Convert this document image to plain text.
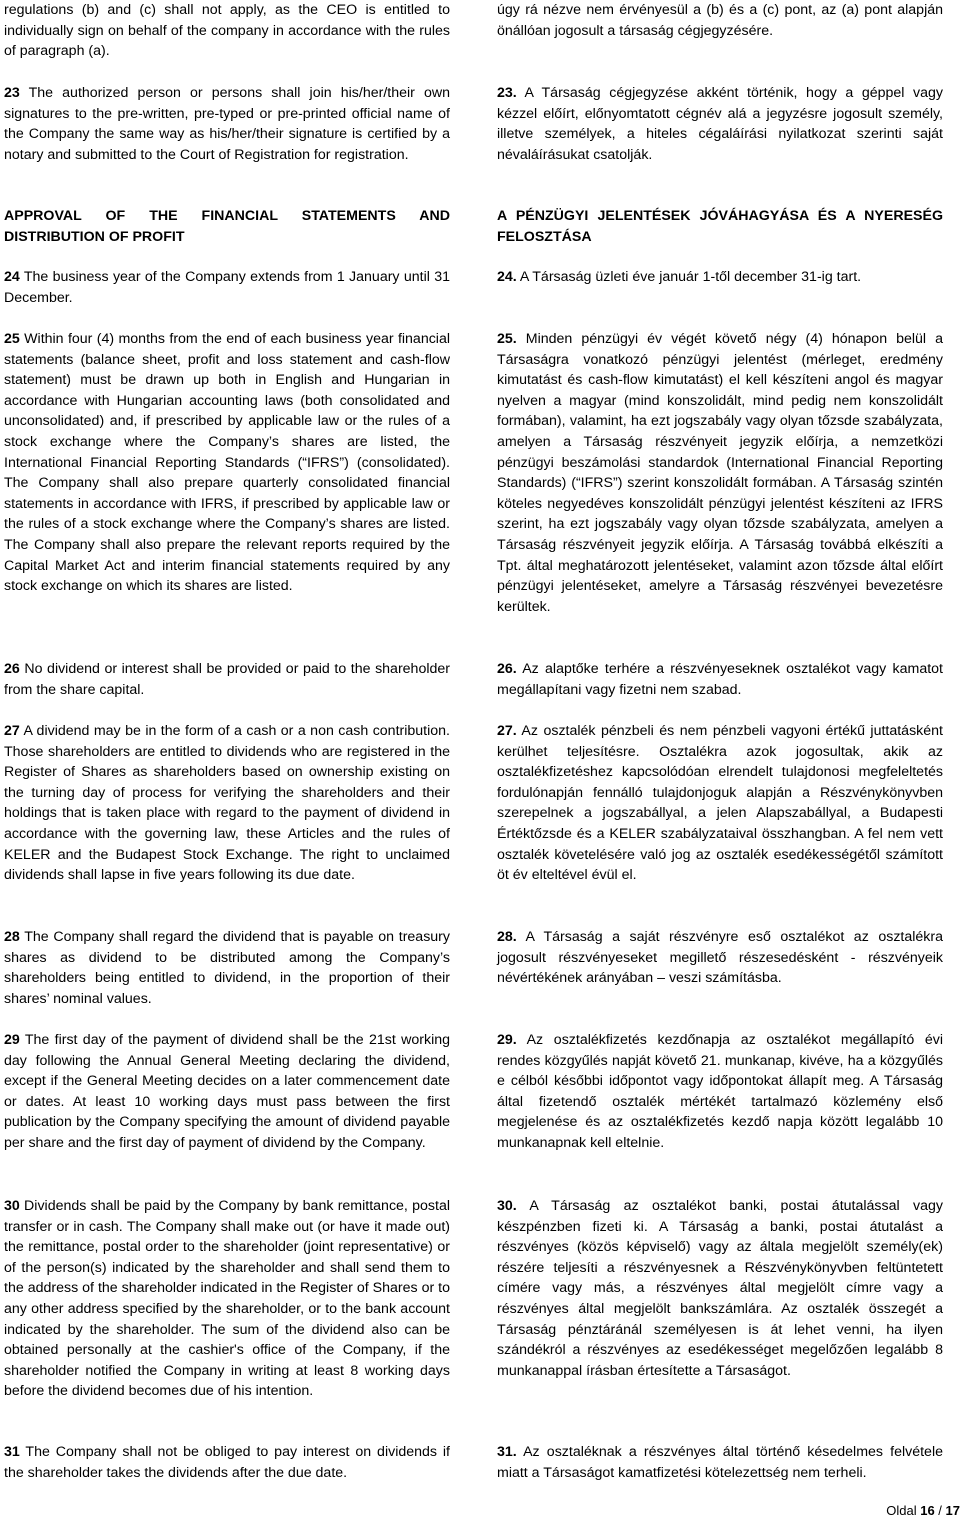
regulations (b) and (c) shall not apply, as the CEO is entitled to individually sign on behalf of the company in accordance with the rules of paragraph (a).

23 The authorized person or persons shall join his/her/their own signatures to the pre-written, pre-typed or pre-printed official name of the Company the same way as his/her/their signature is certified by a notary and submitted to the Court of Registration for registration.

APPROVAL OF THE FINANCIAL STATEMENTS AND DISTRIBUTION OF PROFIT

24 The business year of the Company extends from 1 January until 31 December.

25 Within four (4) months from the end of each business year financial statements (balance sheet, profit and loss statement and cash-flow statement) must be drawn up both in English and Hungarian in accordance with Hungarian accounting laws (both consolidated and unconsolidated) and, if prescribed by applicable law or the rules of a stock exchange where the Company’s shares are listed, the International Financial Reporting Standards (“IFRS”) (consolidated). The Company shall also prepare quarterly consolidated financial statements in accordance with IFRS, if prescribed by applicable law or the rules of a stock exchange where the Company’s shares are listed. The Company shall also prepare the relevant reports required by the Capital Market Act and interim financial statements required by any stock exchange on which its shares are listed.

26 No dividend or interest shall be provided or paid to the shareholder from the share capital.

27 A dividend may be in the form of a cash or a non cash contribution. Those shareholders are entitled to dividends who are registered in the Register of Shares as shareholders based on ownership existing on the turning day of process for verifying the shareholders and their holdings that is taken place with regard to the payment of dividend in accordance with the governing law, these Articles and the rules of KELER and the Budapest Stock Exchange. The right to unclaimed dividends shall lapse in five years following its due date.

28 The Company shall regard the dividend that is payable on treasury shares as dividend to be distributed among the Company’s shareholders being entitled to dividend, in the proportion of their shares’ nominal values.

29 The first day of the payment of dividend shall be the 21st working day following the Annual General Meeting declaring the dividend, except if the General Meeting decides on a later commencement date or dates. At least 10 working days must pass between the first publication by the Company specifying the amount of dividend payable per share and the first day of payment of dividend by the Company.

30 Dividends shall be paid by the Company by bank remittance, postal transfer or in cash. The Company shall make out (or have it made out) the remittance, postal order to the shareholder (joint representative) or of the person(s) indicated by the shareholder and shall send them to the address of the shareholder indicated in the Register of Shares or to any other address specified by the shareholder, or to the bank account indicated by the shareholder. The sum of the dividend also can be obtained personally at the cashier's office of the Company, if the shareholder notified the Company in writing at least 8 working days before the dividend becomes due of his intention.

31 The Company shall not be obliged to pay interest on dividends if the shareholder takes the dividends after the due date.

úgy rá nézve nem érvényesül a (b) és a (c) pont, az (a) pont alapján önállóan jogosult a társaság cégjegyzésére.

23. A Társaság cégjegyzése akként történik, hogy a géppel vagy kézzel előírt, előnyomtatott cégnév alá a jegyzésre jogosult személy, illetve személyek, a hiteles cégaláírási nyilatkozat szerinti saját névaláírásukat csatolják.

A PÉNZÜGYI JELENTÉSEK JÓVÁHAGYÁSA ÉS A NYERESÉG FELOSZTÁSA

24. A Társaság üzleti éve január 1-től december 31-ig tart.

25. Minden pénzügyi év végét követő négy (4) hónapon belül a Társaságra vonatkozó pénzügyi jelentést (mérleget, eredmény kimutatást és cash-flow kimutatást) el kell készíteni angol és magyar nyelven a magyar (mind konszolidált, mind pedig nem konszolidált formában), valamint, ha ezt jogszabály vagy olyan tőzsde szabályzata, amelyen a Társaság részvényeit jegyzik előírja, a nemzetközi pénzügyi beszámolási standardok (International Financial Reporting Standards) (“IFRS”) szerint konszolidált formában. A Társaság szintén köteles negyedéves konszolidált pénzügyi jelentést készíteni az IFRS szerint, ha ezt jogszabály vagy olyan tőzsde szabályzata, amelyen a Társaság részvényeit jegyzik előírja. A Társaság továbbá elkészíti a Tpt. által meghatározott jelentéseket, valamint azon tőzsde által előírt pénzügyi jelentéseket, amelyre a Társaság részvényei bevezetésre kerültek.

26. Az alaptőke terhére a részvényeseknek osztalékot vagy kamatot megállapítani vagy fizetni nem szabad.

27. Az osztalék pénzbeli és nem pénzbeli vagyoni értékű juttatásként kerülhet teljesítésre. Osztalékra azok jogosultak, akik az osztalékfizetéshez kapcsolódóan elrendelt tulajdonosi megfeleltetés fordulónapján fennálló tulajdonjoguk alapján a Részvénykönyvben szerepelnek a jogszabállyal, a jelen Alapszabállyal, a Budapesti Értéktőzsde és a KELER szabályzataival összhangban. A fel nem vett osztalék követelésére való jog az osztalék esedékességétől számított öt év elteltével évül el.

28. A Társaság a saját részvényre eső osztalékot az osztalékra jogosult részvényeseket megillető részesedésként - részvényeik névértékének arányában – veszi számításba.

29. Az osztalékfizetés kezdőnapja az osztalékot megállapító évi rendes közgyűlés napját követő 21. munkanap, kivéve, ha a közgyűlés e célból későbbi időpontot vagy időpontokat állapít meg. A Társaság által fizetendő osztalék mértékét tartalmazó közlemény első megjelenése és az osztalékfizetés kezdő napja között legalább 10 munkanapnak kell eltelnie.

30. A Társaság az osztalékot banki, postai átutalással vagy készpénzben fizeti ki. A Társaság a banki, postai átutalást a részvényes (közös képviselő) vagy az általa megjelölt személy(ek) részére teljesíti a részvényesnek a Részvénykönyvben feltüntetett címére vagy más, a részvényes által megjelölt címre vagy a részvényes által megjelölt bankszámlára. Az osztalék összegét a Társaság pénztáránál személyesen is át lehet venni, ha ilyen szándékról a részvényes az esedékességet megelőzően legalább 8 munkanappal írásban értesítette a Társaságot.

31. Az osztaléknak a részvényes által történő késedelmes felvétele miatt a Társaságot kamatfizetési kötelezettség nem terheli.

Oldal 16 / 17
